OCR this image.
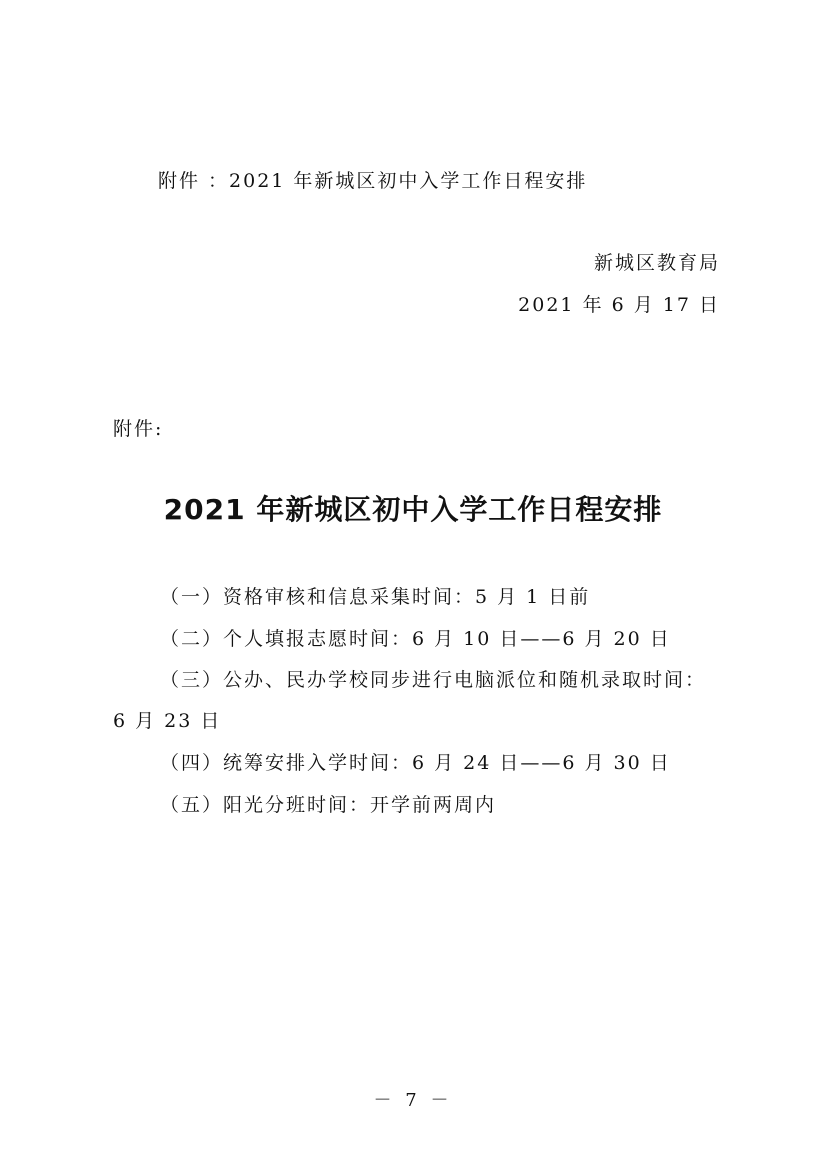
附件 ：2021 年新城区初中入学工作日程安排
新城区教育局
2021 年 6 月 17 日
附件:
2021 年新城区初中入学工作日程安排
（一）资格审核和信息采集时间：5 月 1 日前
（二）个人填报志愿时间：6 月 10 日——6 月 20 日
（三）公办、民办学校同步进行电脑派位和随机录取时间：
6 月 23 日
（四）统筹安排入学时间：6 月 24 日——6 月 30 日
（五）阳光分班时间：开学前两周内
－ 7 －
